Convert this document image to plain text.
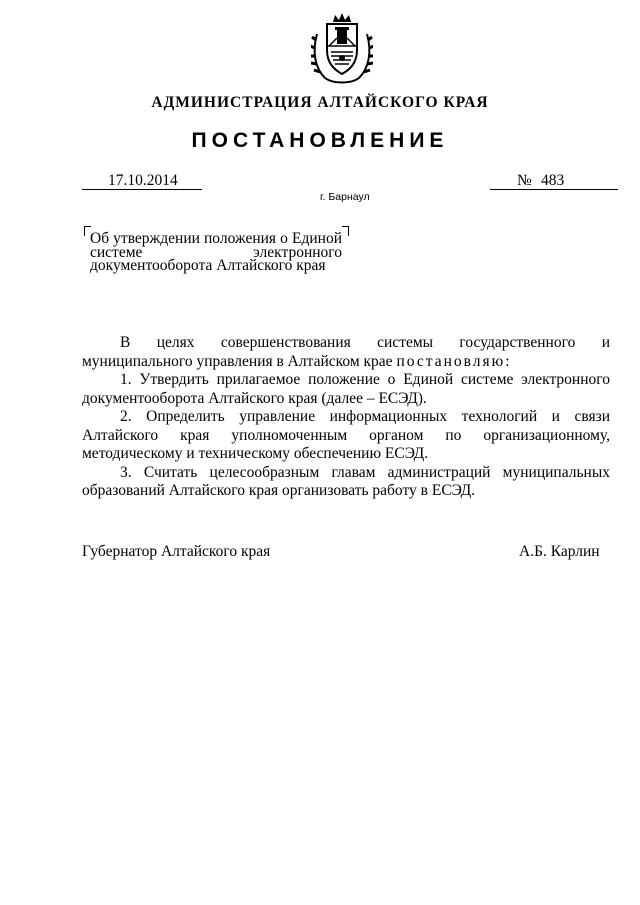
АДМИНИСТРАЦИЯ АЛТАЙСКОГО КРАЯ
ПОСТАНОВЛЕНИЕ
17.10.2014
г. Барнаул
№ 483
Об утверждении положения о Единой системе электронного документооборота Алтайского края

В целях совершенствования системы государственного и муниципального управления в Алтайском крае постановляю:

1. Утвердить прилагаемое положение о Единой системе электронного документооборота Алтайского края (далее – ЕСЭД).

2. Определить управление информационных технологий и связи Алтайского края уполномоченным органом по организационному, методическому и техническому обеспечению ЕСЭД.

3. Считать целесообразным главам администраций муниципальных образований Алтайского края организовать работу в ЕСЭД.

Губернатор Алтайского края	А.Б. Карлин
